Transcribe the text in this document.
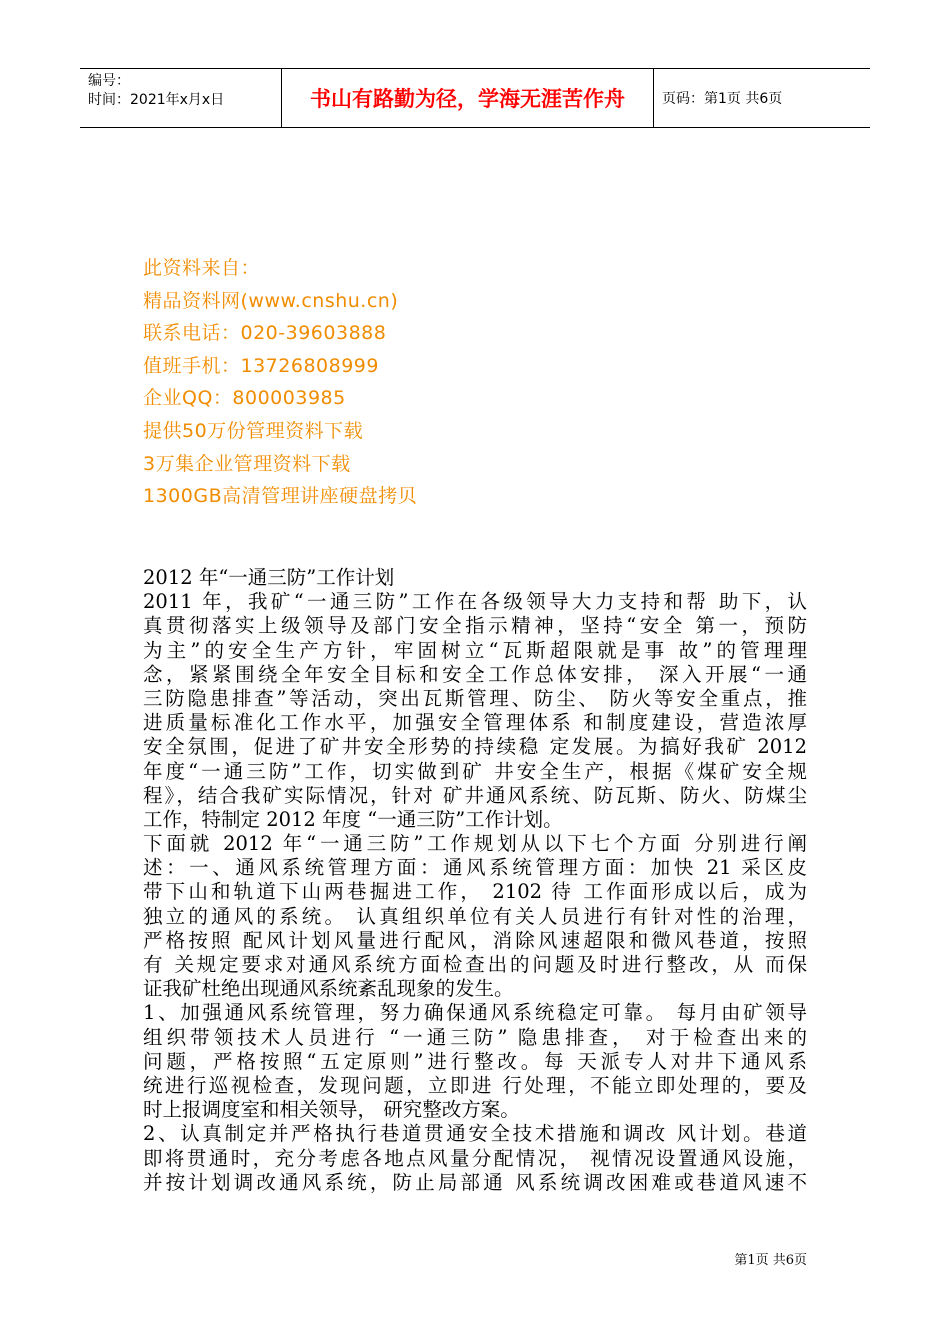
编号：
时间：2021年x月x日	书山有路勤为径，学海无涯苦作舟	页码：第1页 共6页
此资料来自：
精品资料网(www.cnshu.cn)
联系电话：020-39603888
值班手机：13726808999
企业QQ：800003985
提供50万份管理资料下载
3万集企业管理资料下载
1300GB高清管理讲座硬盘拷贝
2012 年“一通三防”工作计划
2011 年，我矿“一通三防”工作在各级领导大力支持和帮 助下，认
真贯彻落实上级领导及部门安全指示精神，坚持“安全 第一，预防
为主”的安全生产方针，牢固树立“瓦斯超限就是事 故”的管理理
念，紧紧围绕全年安全目标和安全工作总体安排， 深入开展“一通
三防隐患排查”等活动，突出瓦斯管理、防尘、 防火等安全重点，推
进质量标准化工作水平，加强安全管理体系 和制度建设，营造浓厚
安全氛围，促进了矿井安全形势的持续稳 定发展。为搞好我矿 2012
年度“一通三防”工作，切实做到矿 井安全生产，根据《煤矿安全规
程》，结合我矿实际情况，针对 矿井通风系统、防瓦斯、防火、防煤尘
工作，特制定 2012 年度 “一通三防”工作计划。
下面就 2012 年“一通三防”工作规划从以下七个方面 分别进行阐
述：一、通风系统管理方面：通风系统管理方面：加快 21 采区皮
带下山和轨道下山两巷掘进工作， 2102 待 工作面形成以后，成为
独立的通风的系统。 认真组织单位有关人员进行有针对性的治理，
严格按照 配风计划风量进行配风，消除风速超限和微风巷道，按照
有 关规定要求对通风系统方面检查出的问题及时进行整改，从 而保
证我矿杜绝出现通风系统紊乱现象的发生。
1、加强通风系统管理，努力确保通风系统稳定可靠。 每月由矿领导
组织带领技术人员进行 “一通三防” 隐患排查， 对于检查出来的
问题，严格按照“五定原则”进行整改。每 天派专人对井下通风系
统进行巡视检查，发现问题，立即进 行处理，不能立即处理的，要及
时上报调度室和相关领导， 研究整改方案。
2、认真制定并严格执行巷道贯通安全技术措施和调改 风计划。巷道
即将贯通时，充分考虑各地点风量分配情况， 视情况设置通风设施，
并按计划调改通风系统，防止局部通 风系统调改困难或巷道风速不
第1页 共6页
